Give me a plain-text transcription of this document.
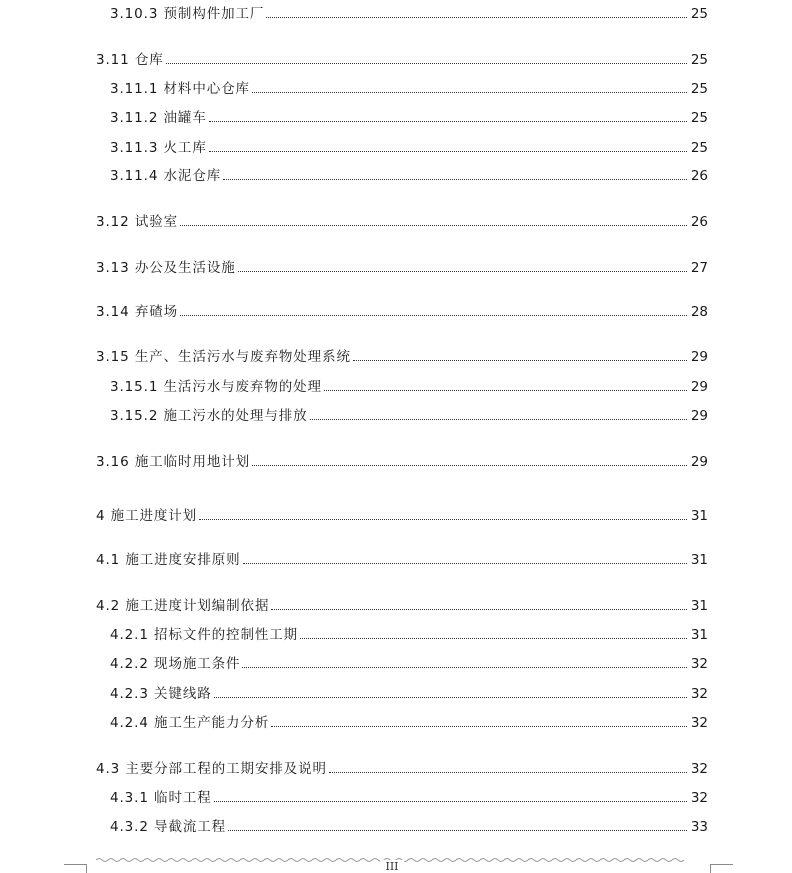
3.10.3 预制构件加工厂	25
3.11 仓库	25
3.11.1 材料中心仓库	25
3.11.2 油罐车	25
3.11.3 火工库	25
3.11.4 水泥仓库	26
3.12 试验室	26
3.13 办公及生活设施	27
3.14 弃碴场	28
3.15 生产、生活污水与废弃物处理系统	29
3.15.1 生活污水与废弃物的处理	29
3.15.2 施工污水的处理与排放	29
3.16 施工临时用地计划	29
4 施工进度计划	31
4.1 施工进度安排原则	31
4.2 施工进度计划编制依据	31
4.2.1 招标文件的控制性工期	31
4.2.2 现场施工条件	32
4.2.3 关键线路	32
4.2.4 施工生产能力分析	32
4.3 主要分部工程的工期安排及说明	32
4.3.1 临时工程	32
4.3.2 导截流工程	33
III
